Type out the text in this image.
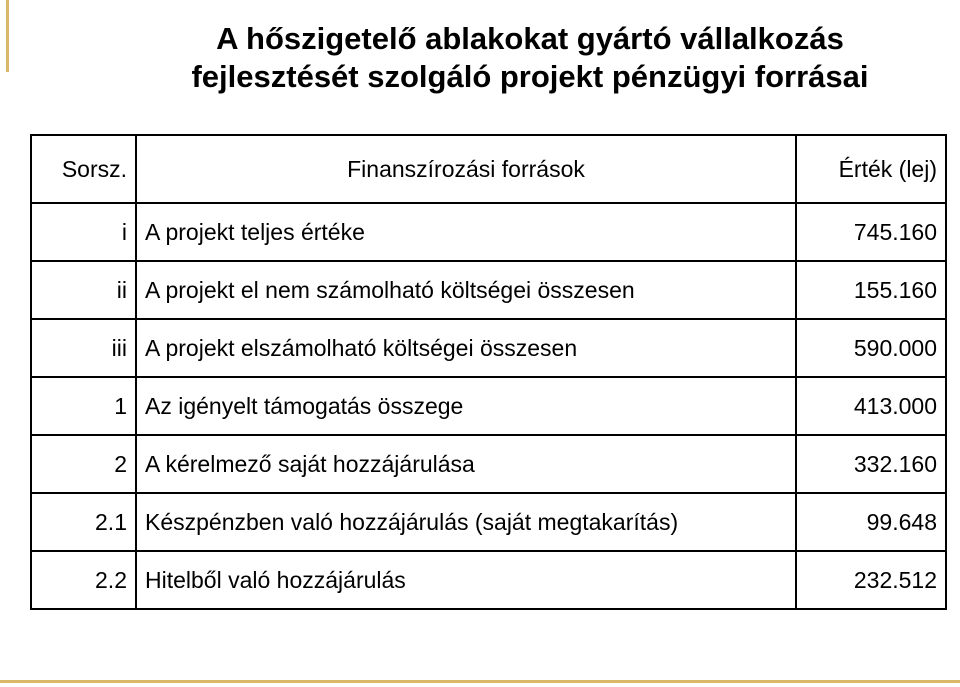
A hőszigetelő ablakokat gyártó vállalkozás
fejlesztését szolgáló projekt pénzügyi forrásai
Sorsz.	Finanszírozási források	Érték (lej)
i	A projekt teljes értéke	745.160
ii	A projekt el nem számolható költségei összesen	155.160
iii	A projekt elszámolható költségei összesen	590.000
1	Az igényelt támogatás összege	413.000
2	A kérelmező saját hozzájárulása	332.160
2.1	Készpénzben való hozzájárulás (saját megtakarítás)	99.648
2.2	Hitelből való hozzájárulás	232.512
